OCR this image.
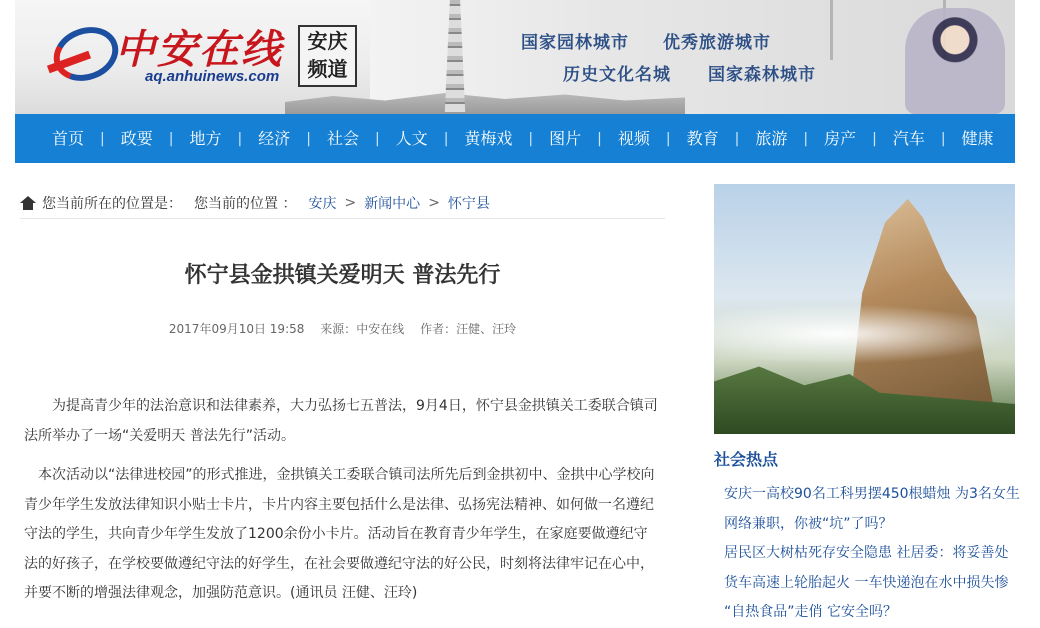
中安在线
aq.anhuinews.com
安庆
频道
国家园林城市 优秀旅游城市
历史文化名城 国家森林城市
首页	|	政要	|	地方	|	经济	|	社会	|	人文	|	黄梅戏	|	图片	|	视频	|	教育	|	旅游	|	房产	|	汽车	|	健康
您当前所在的位置是： 您当前的位置 ： 安庆 > 新闻中心 > 怀宁县
怀宁县金拱镇关爱明天 普法先行
2017年09月10日 19:58 来源：中安在线 作者：汪健、汪玲

为提高青少年的法治意识和法律素养，大力弘扬七五普法，9月4日，怀宁县金拱镇关工委联合镇司法所举办了一场“关爱明天 普法先行”活动。

本次活动以“法律进校园”的形式推进，金拱镇关工委联合镇司法所先后到金拱初中、金拱中心学校向青少年学生发放法律知识小贴士卡片，卡片内容主要包括什么是法律、弘扬宪法精神、如何做一名遵纪守法的学生，共向青少年学生发放了1200余份小卡片。活动旨在教育青少年学生，在家庭要做遵纪守法的好孩子，在学校要做遵纪守法的好学生，在社会要做遵纪守法的好公民，时刻将法律牢记在心中，并要不断的增强法律观念，加强防范意识。(通讯员 汪健、汪玲)

社会热点
安庆一高校90名工科男摆450根蜡烛 为3名女生
网络兼职，你被“坑”了吗？
居民区大树枯死存安全隐患 社居委：将妥善处
货车高速上轮胎起火 一车快递泡在水中损失惨
“自热食品”走俏 它安全吗？
